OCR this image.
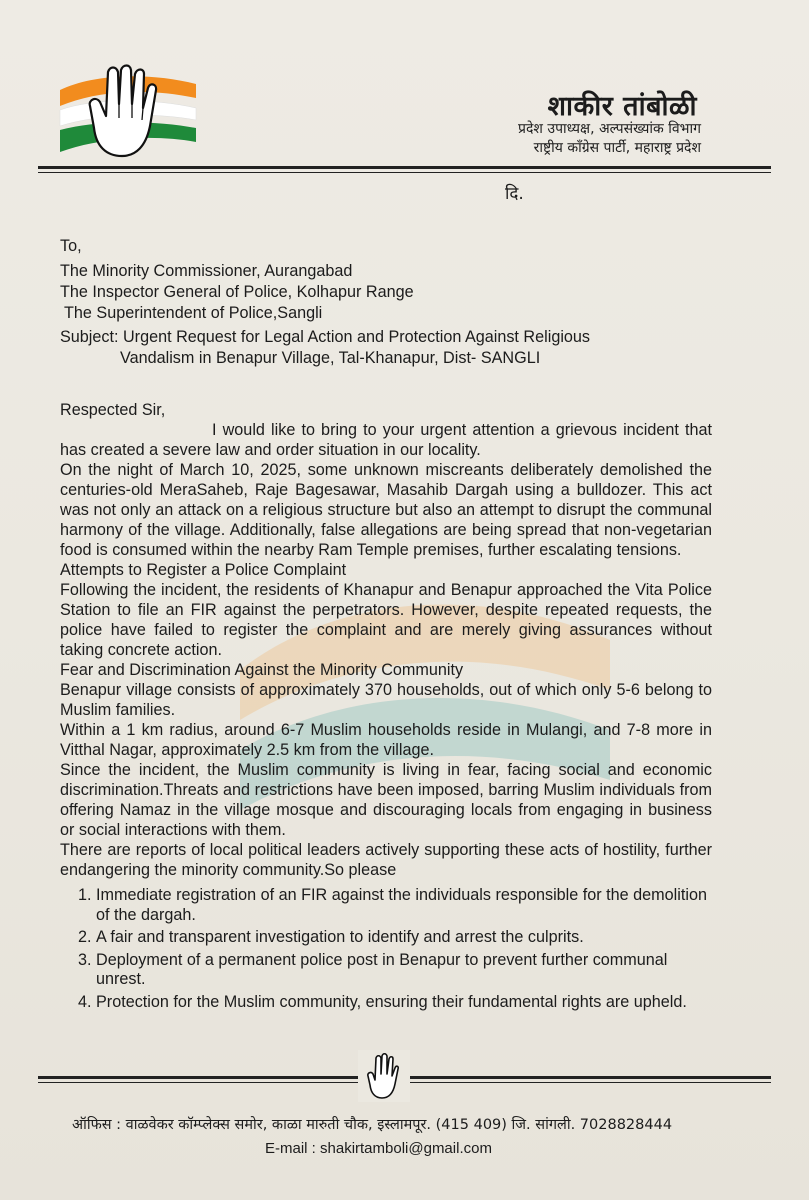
शाकीर तांबोळी
प्रदेश उपाध्यक्ष, अल्पसंख्यांक विभाग
राष्ट्रीय कॉंग्रेस पार्टी, महाराष्ट्र प्रदेश
दि.
To,
The Minority Commissioner, Aurangabad
The Inspector General of Police, Kolhapur Range
The Superintendent of Police,Sangli
Subject: Urgent Request for Legal Action and Protection Against Religious
Vandalism in Benapur Village, Tal-Khanapur, Dist- SANGLI

Respected Sir,

I would like to bring to your urgent attention a grievous incident that has created a severe law and order situation in our locality.

On the night of March 10, 2025, some unknown miscreants deliberately demolished the centuries-old MeraSaheb, Raje Bagesawar, Masahib Dargah using a bulldozer. This act was not only an attack on a religious structure but also an attempt to disrupt the communal harmony of the village. Additionally, false allegations are being spread that non-vegetarian food is consumed within the nearby Ram Temple premises, further escalating tensions.

Attempts to Register a Police Complaint

Following the incident, the residents of Khanapur and Benapur approached the Vita Police Station to file an FIR against the perpetrators. However, despite repeated requests, the police have failed to register the complaint and are merely giving assurances without taking concrete action.

Fear and Discrimination Against the Minority Community

Benapur village consists of approximately 370 households, out of which only 5-6 belong to Muslim families.

Within a 1 km radius, around 6-7 Muslim households reside in Mulangi, and 7-8 more in Vitthal Nagar, approximately 2.5 km from the village.

Since the incident, the Muslim community is living in fear, facing social and economic discrimination.Threats and restrictions have been imposed, barring Muslim individuals from offering Namaz in the village mosque and discouraging locals from engaging in business or social interactions with them.

There are reports of local political leaders actively supporting these acts of hostility, further endangering the minority community.So please

1. Immediate registration of an FIR against the individuals responsible for the demolition of the dargah.
2. A fair and transparent investigation to identify and arrest the culprits.
3. Deployment of a permanent police post in Benapur to prevent further communal unrest.
4. Protection for the Muslim community, ensuring their fundamental rights are upheld.
ऑफिस : वाळवेकर कॉम्प्लेक्स समोर, काळा मारुती चौक, इस्लामपूर. (415 409) जि. सांगली. 7028828444
E-mail : shakirtamboli@gmail.com
